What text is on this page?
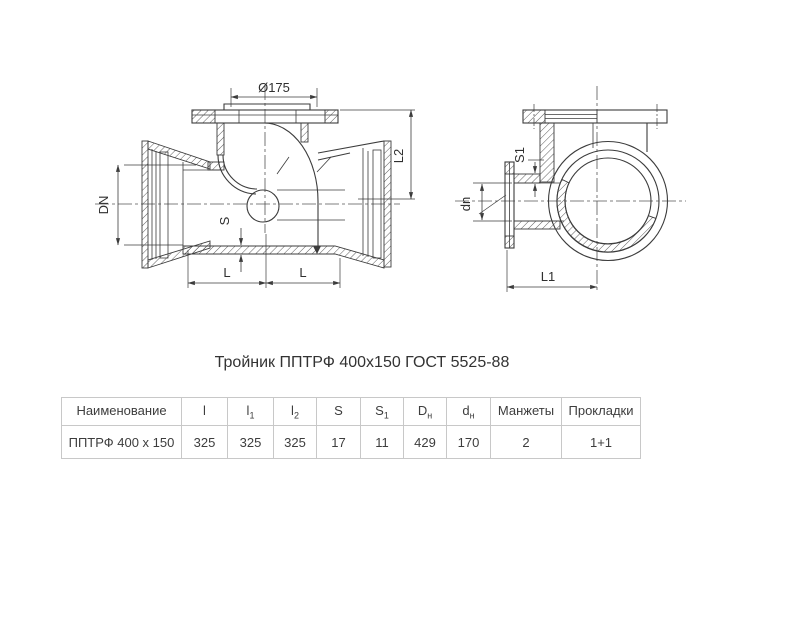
Ø175
L2
DN
S
L	L
S1
dn
L1
Тройник ППТРФ 400х150 ГОСТ 5525-88
Наименование	l	$l_1$	$l_2$	S	$S_1$	$D_н$	$d_н$	Манжеты	Прокладки
ППТРФ 400 х 150	325	325	325	17	11	429	170	2	1+1
